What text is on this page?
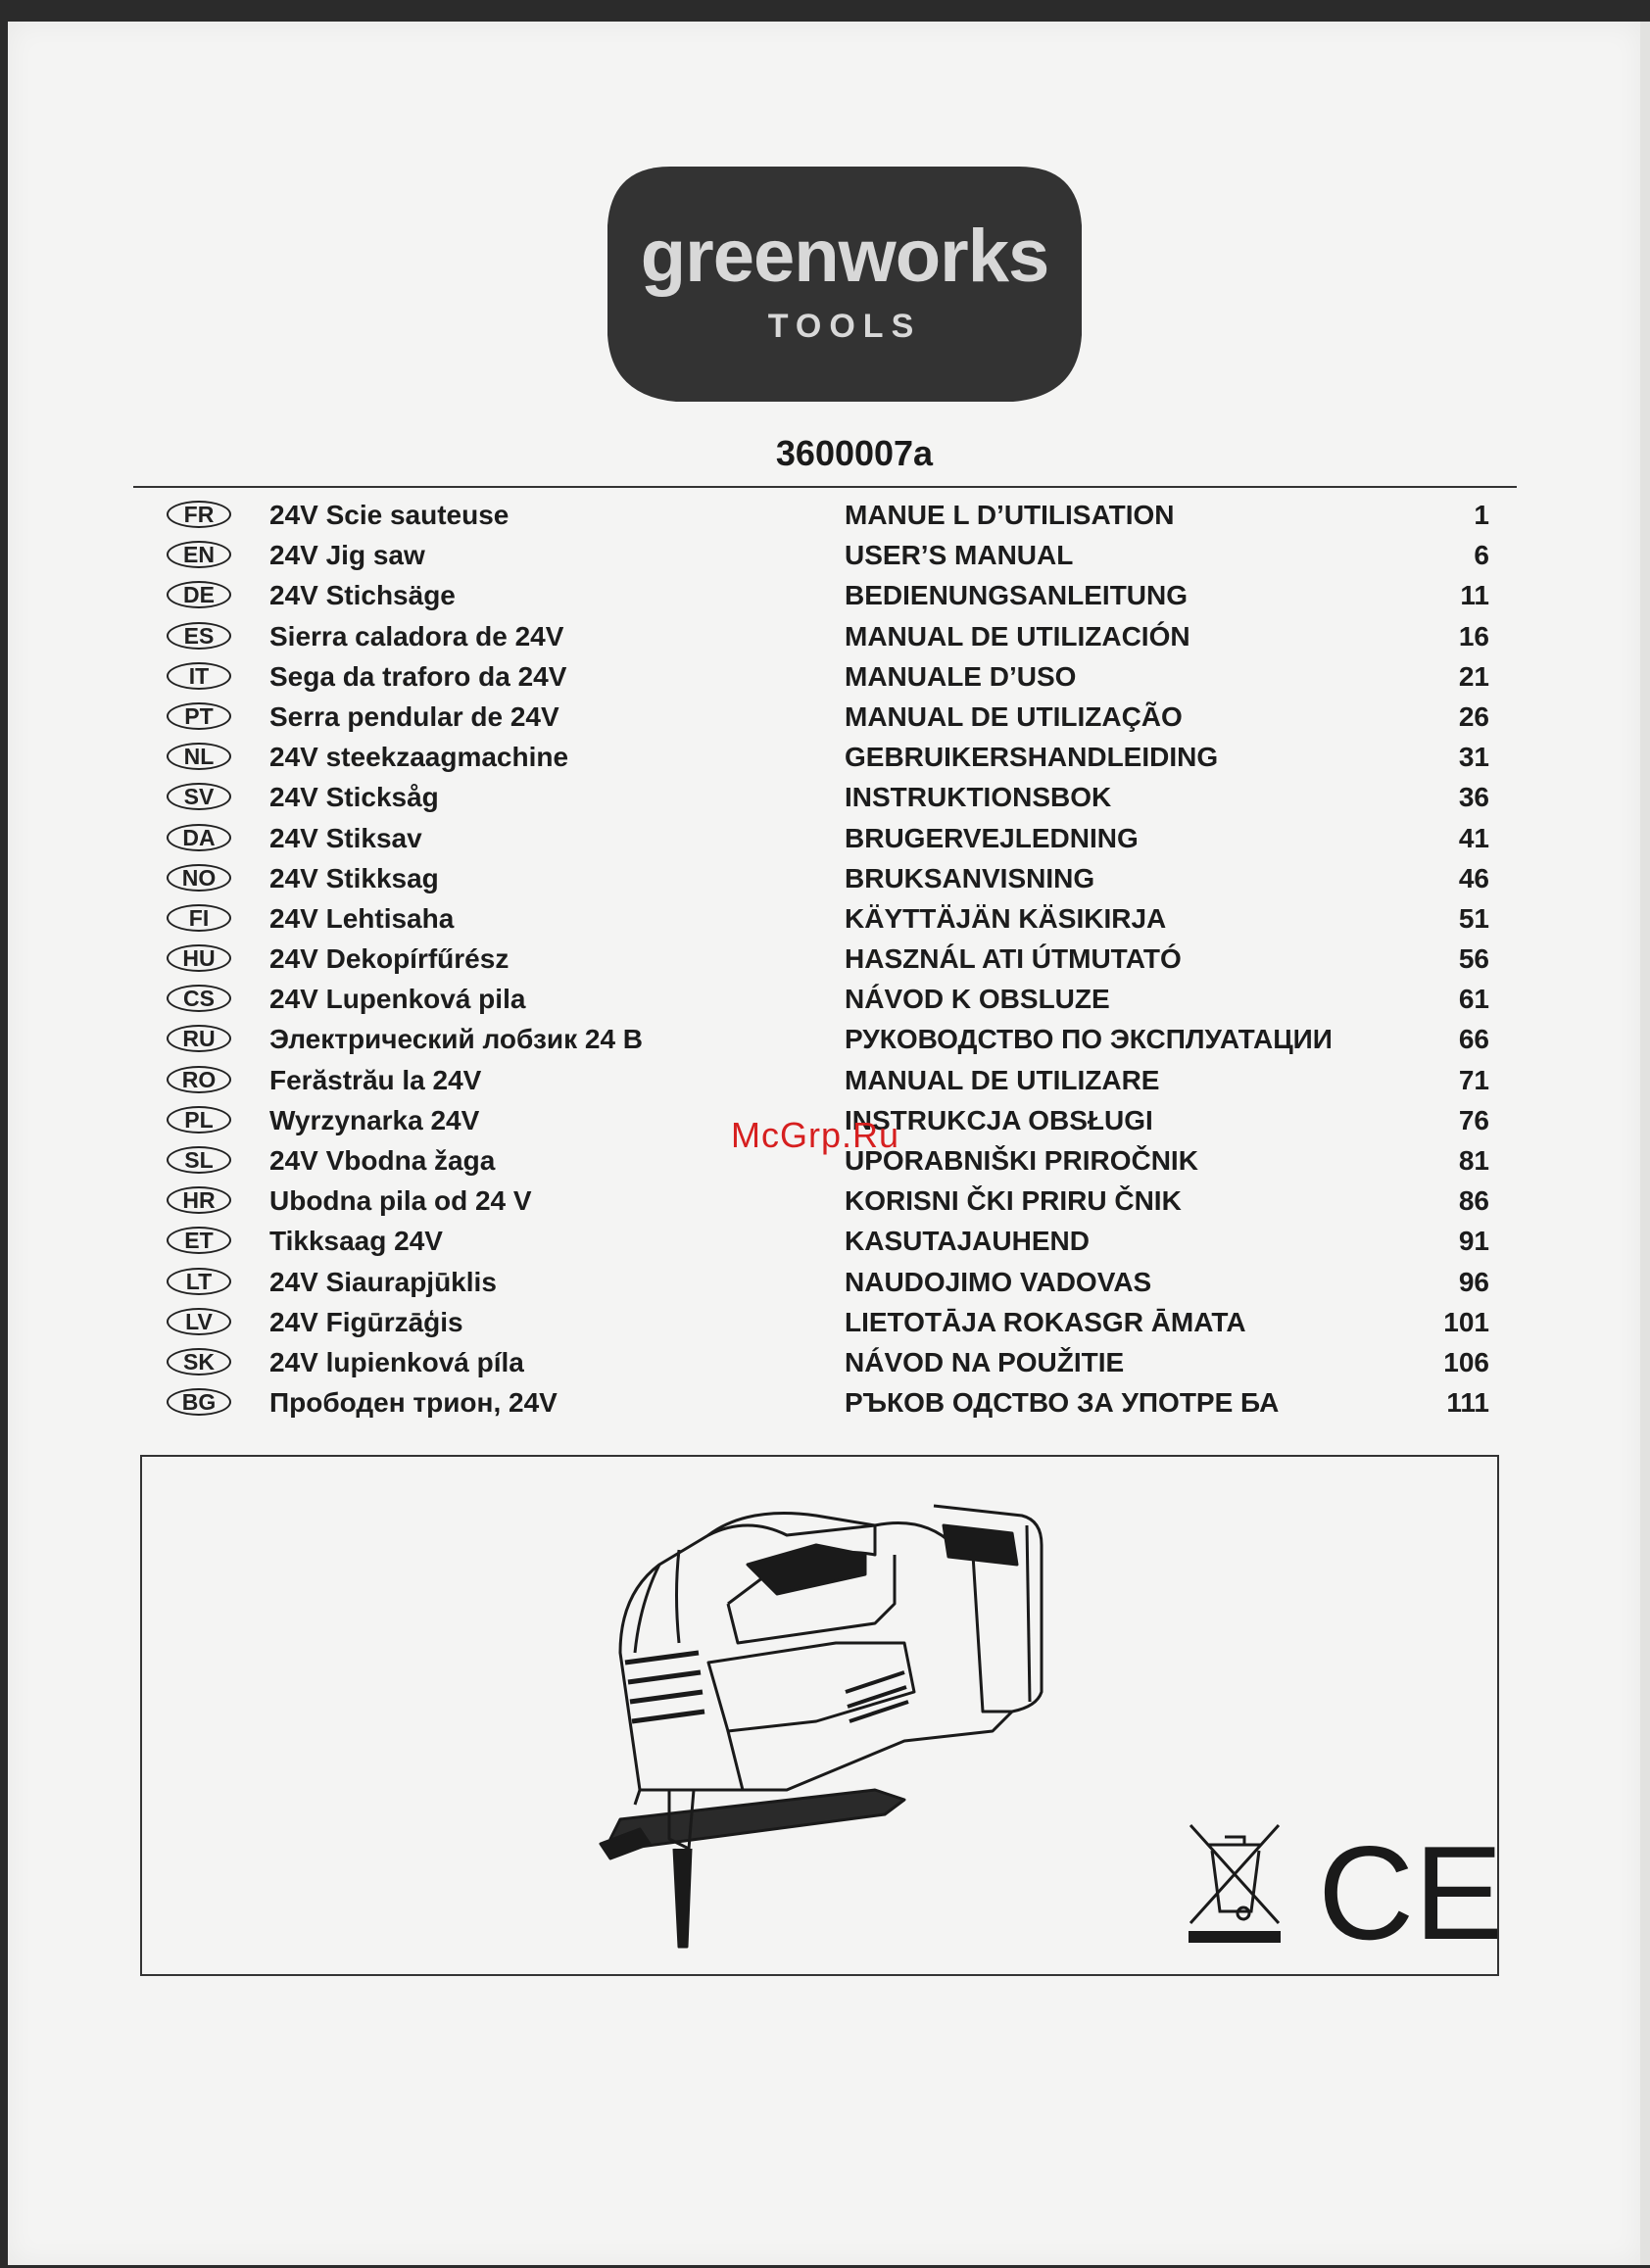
greenworks
TOOLS
3600007a
FR	24V Scie sauteuse	MANUE L D’UTILISATION	1
EN	24V Jig saw	USER’S MANUAL	6
DE	24V Stichsäge	BEDIENUNGSANLEITUNG	11
ES	Sierra caladora de 24V	MANUAL DE UTILIZACIÓN	16
IT	Sega da traforo da 24V	MANUALE D’USO	21
PT	Serra pendular de 24V	MANUAL DE UTILIZAÇÃO	26
NL	24V steekzaagmachine	GEBRUIKERSHANDLEIDING	31
SV	24V Sticksåg	INSTRUKTIONSBOK	36
DA	24V Stiksav	BRUGERVEJLEDNING	41
NO	24V Stikksag	BRUKSANVISNING	46
FI	24V Lehtisaha	KÄYTTÄJÄN KÄSIKIRJA	51
HU	24V Dekopírfűrész	HASZNÁL ATI ÚTMUTATÓ	56
CS	24V Lupenková pila	NÁVOD K OBSLUZE	61
RU	Электрический лобзик 24 В	РУКОВОДСТВО ПО ЭКСПЛУАТАЦИИ	66
RO	Ferăstrău la 24V	MANUAL DE UTILIZARE	71
PL	Wyrzynarka 24V	INSTRUKCJA OBSŁUGI	76
SL	24V Vbodna žaga	UPORABNIŠKI PRIROČNIK	81
HR	Ubodna pila od 24 V	KORISNI ČKI PRIRU ČNIK	86
ET	Tikksaag 24V	KASUTAJAUHEND	91
LT	24V Siaurapjūklis	NAUDOJIMO VADOVAS	96
LV	24V Figūrzāģis	LIETOTĀJA ROKASGR ĀMATA	101
SK	24V lupienková píla	NÁVOD NA POUŽITIE	106
BG	Прободен трион, 24V	РЪКОВ ОДСТВО ЗА УПОТРЕ БА	111
McGrp.Ru
CE
